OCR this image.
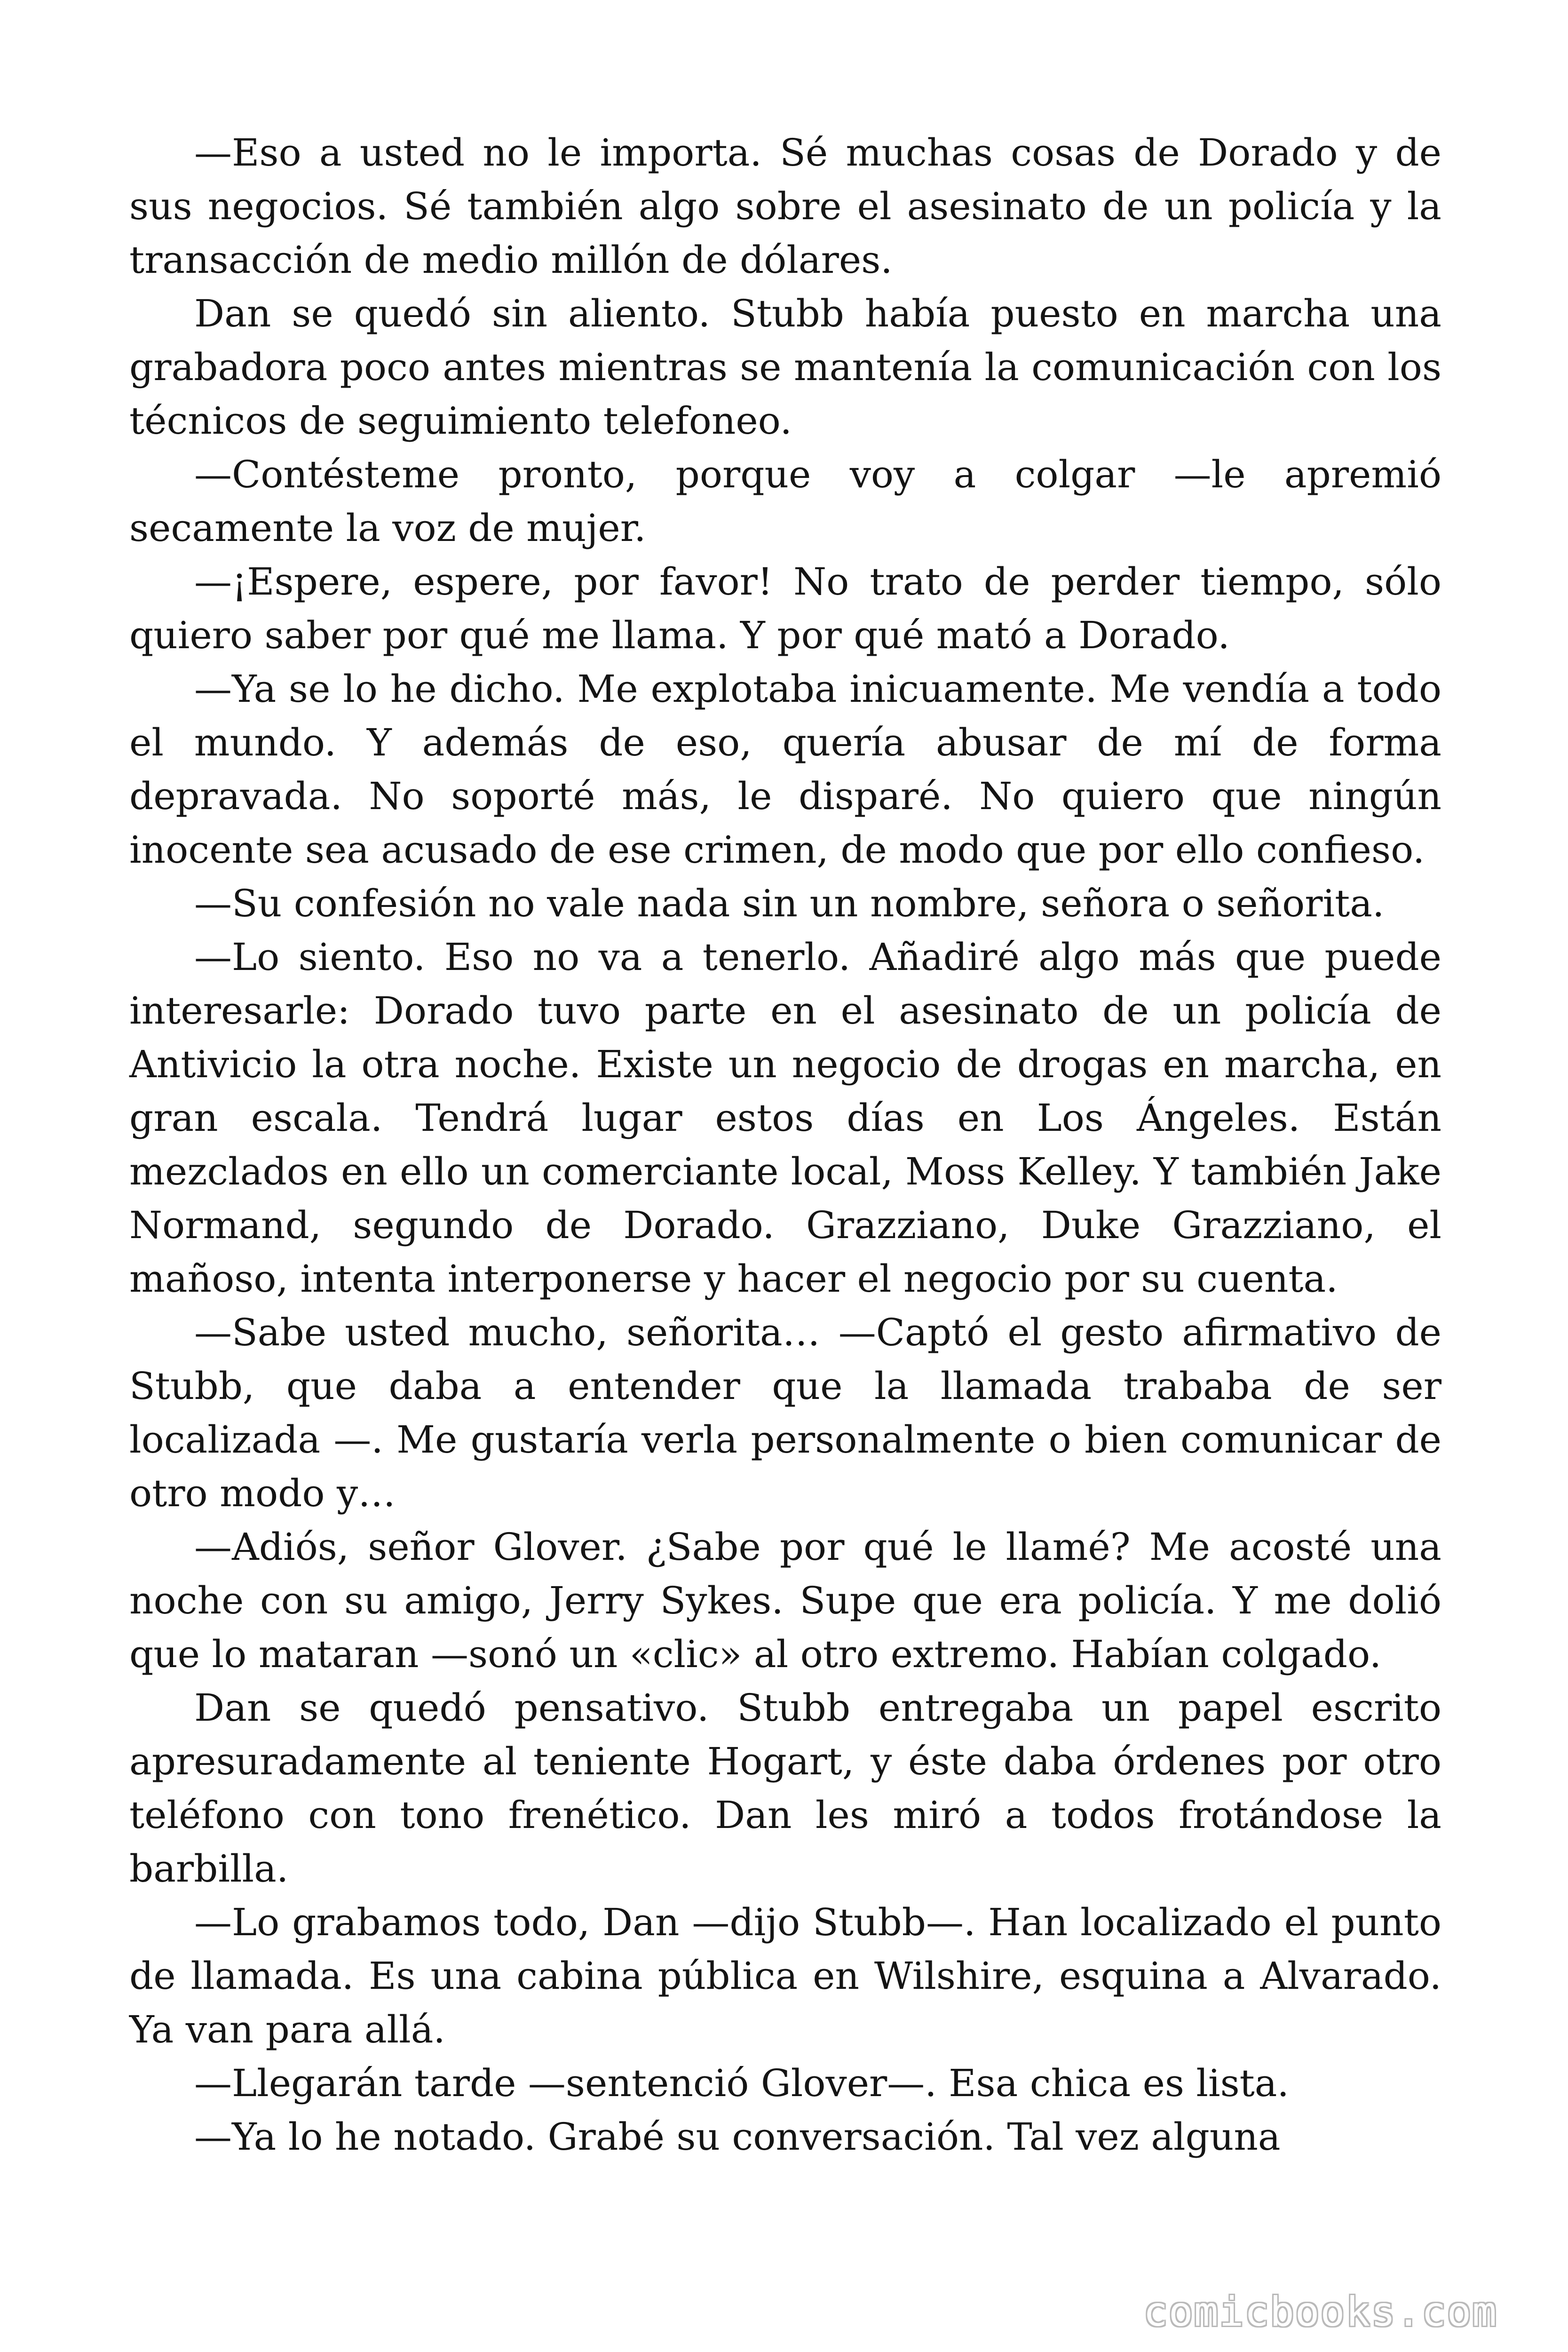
—Eso a usted no le importa. Sé muchas cosas de Dorado y de sus negocios. Sé también algo sobre el asesinato de un policía y la transacción de medio millón de dólares.

Dan se quedó sin aliento. Stubb había puesto en marcha una grabadora poco antes mientras se mantenía la comunicación con los técnicos de seguimiento telefoneo.

—Contésteme pronto, porque voy a colgar —le apremió secamente la voz de mujer.

—¡Espere, espere, por favor! No trato de perder tiempo, sólo quiero saber por qué me llama. Y por qué mató a Dorado.

—Ya se lo he dicho. Me explotaba inicuamente. Me vendía a todo el mundo. Y además de eso, quería abusar de mí de forma depravada. No soporté más, le disparé. No quiero que ningún inocente sea acusado de ese crimen, de modo que por ello confieso.

—Su confesión no vale nada sin un nombre, señora o señorita.

—Lo siento. Eso no va a tenerlo. Añadiré algo más que puede interesarle: Dorado tuvo parte en el asesinato de un policía de Antivicio la otra noche. Existe un negocio de drogas en marcha, en gran escala. Tendrá lugar estos días en Los Ángeles. Están mezclados en ello un comerciante local, Moss Kelley. Y también Jake Normand, segundo de Dorado. Grazziano, Duke Grazziano, el mañoso, intenta interponerse y hacer el negocio por su cuenta.

—Sabe usted mucho, señorita… —Captó el gesto afirmativo de Stubb, que daba a entender que la llamada trababa de ser localizada —. Me gustaría verla personalmente o bien comunicar de otro modo y…

—Adiós, señor Glover. ¿Sabe por qué le llamé? Me acosté una noche con su amigo, Jerry Sykes. Supe que era policía. Y me dolió que lo mataran —sonó un «clic» al otro extremo. Habían colgado.

Dan se quedó pensativo. Stubb entregaba un papel escrito apresuradamente al teniente Hogart, y éste daba órdenes por otro teléfono con tono frenético. Dan les miró a todos frotándose la barbilla.

—Lo grabamos todo, Dan —dijo Stubb—. Han localizado el punto de llamada. Es una cabina pública en Wilshire, esquina a Alvarado. Ya van para allá.

—Llegarán tarde —sentenció Glover—. Esa chica es lista.

—Ya lo he notado. Grabé su conversación. Tal vez alguna

comicbooks.com
